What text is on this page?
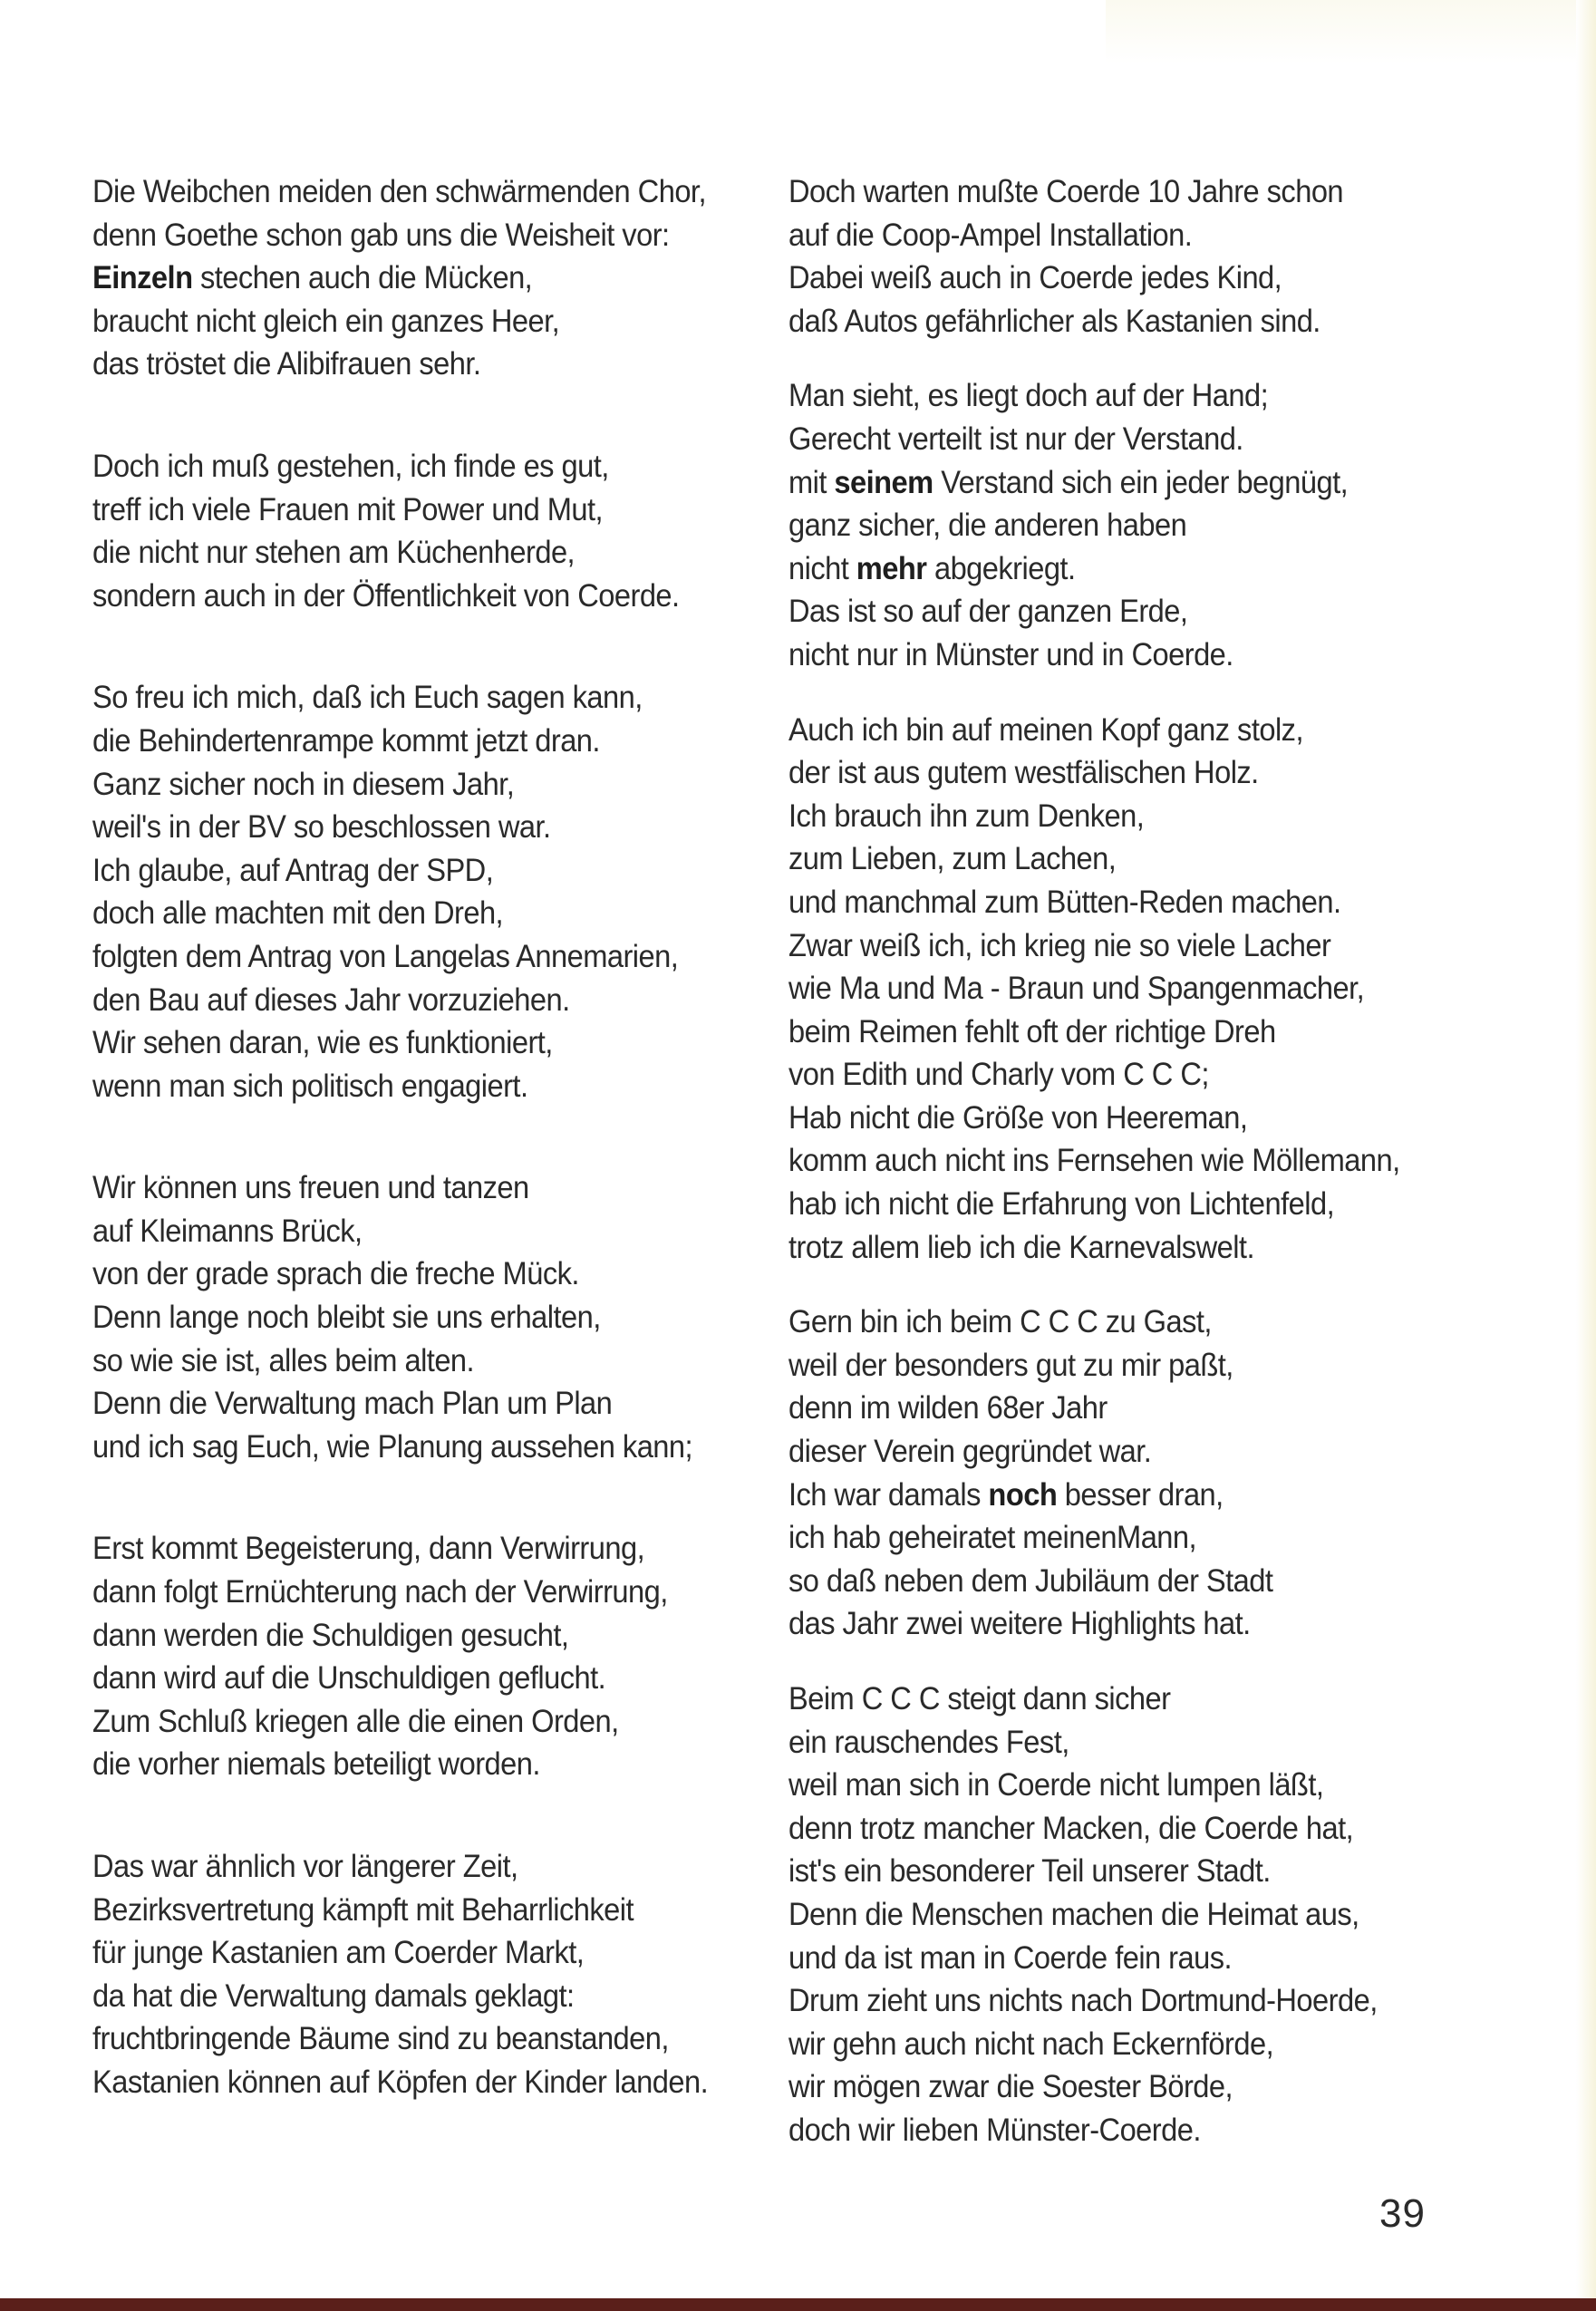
Die Weibchen meiden den schwärmenden Chor,
denn Goethe schon gab uns die Weisheit vor:
Einzeln stechen auch die Mücken,
braucht nicht gleich ein ganzes Heer,
das tröstet die Alibifrauen sehr.
Doch ich muß gestehen, ich finde es gut,
treff ich viele Frauen mit Power und Mut,
die nicht nur stehen am Küchenherde,
sondern auch in der Öffentlichkeit von Coerde.
So freu ich mich, daß ich Euch sagen kann,
die Behindertenrampe kommt jetzt dran.
Ganz sicher noch in diesem Jahr,
weil's in der BV so beschlossen war.
Ich glaube, auf Antrag der SPD,
doch alle machten mit den Dreh,
folgten dem Antrag von Langelas Annemarien,
den Bau auf dieses Jahr vorzuziehen.
Wir sehen daran, wie es funktioniert,
wenn man sich politisch engagiert.
Wir können uns freuen und tanzen
auf Kleimanns Brück,
von der grade sprach die freche Mück.
Denn lange noch bleibt sie uns erhalten,
so wie sie ist, alles beim alten.
Denn die Verwaltung mach Plan um Plan
und ich sag Euch, wie Planung aussehen kann;
Erst kommt Begeisterung, dann Verwirrung,
dann folgt Ernüchterung nach der Verwirrung,
dann werden die Schuldigen gesucht,
dann wird auf die Unschuldigen geflucht.
Zum Schluß kriegen alle die einen Orden,
die vorher niemals beteiligt worden.
Das war ähnlich vor längerer Zeit,
Bezirksvertretung kämpft mit Beharrlichkeit
für junge Kastanien am Coerder Markt,
da hat die Verwaltung damals geklagt:
fruchtbringende Bäume sind zu beanstanden,
Kastanien können auf Köpfen der Kinder landen.
Doch warten mußte Coerde 10 Jahre schon
auf die Coop-Ampel Installation.
Dabei weiß auch in Coerde jedes Kind,
daß Autos gefährlicher als Kastanien sind.
Man sieht, es liegt doch auf der Hand;
Gerecht verteilt ist nur der Verstand.
mit seinem Verstand sich ein jeder begnügt,
ganz sicher, die anderen haben
nicht mehr abgekriegt.
Das ist so auf der ganzen Erde,
nicht nur in Münster und in Coerde.
Auch ich bin auf meinen Kopf ganz stolz,
der ist aus gutem westfälischen Holz.
Ich brauch ihn zum Denken,
zum Lieben, zum Lachen,
und manchmal zum Bütten-Reden machen.
Zwar weiß ich, ich krieg nie so viele Lacher
wie Ma und Ma - Braun und Spangenmacher,
beim Reimen fehlt oft der richtige Dreh
von Edith und Charly vom C C C;
Hab nicht die Größe von Heereman,
komm auch nicht ins Fernsehen wie Möllemann,
hab ich nicht die Erfahrung von Lichtenfeld,
trotz allem lieb ich die Karnevalswelt.
Gern bin ich beim C C C zu Gast,
weil der besonders gut zu mir paßt,
denn im wilden 68er Jahr
dieser Verein gegründet war.
Ich war damals noch besser dran,
ich hab geheiratet meinenMann,
so daß neben dem Jubiläum der Stadt
das Jahr zwei weitere Highlights hat.
Beim C C C steigt dann sicher
ein rauschendes Fest,
weil man sich in Coerde nicht lumpen läßt,
denn trotz mancher Macken, die Coerde hat,
ist's ein besonderer Teil unserer Stadt.
Denn die Menschen machen die Heimat aus,
und da ist man in Coerde fein raus.
Drum zieht uns nichts nach Dortmund-Hoerde,
wir gehn auch nicht nach Eckernförde,
wir mögen zwar die Soester Börde,
doch wir lieben Münster-Coerde.
39
